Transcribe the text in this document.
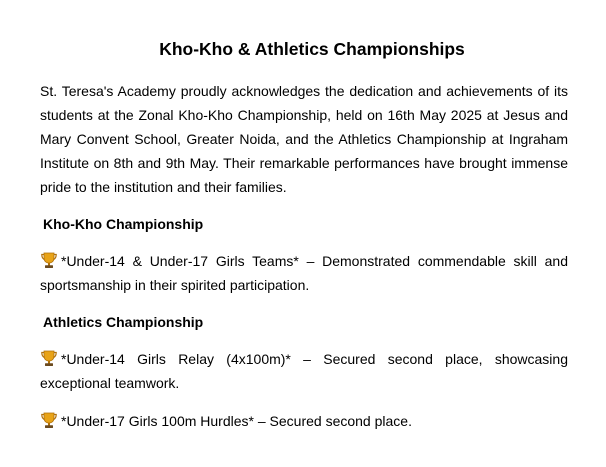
Kho-Kho & Athletics Championships

St. Teresa's Academy proudly acknowledges the dedication and achievements of its students at the Zonal Kho-Kho Championship, held on 16th May 2025 at Jesus and Mary Convent School, Greater Noida, and the Athletics Championship at Ingraham Institute on 8th and 9th May. Their remarkable performances have brought immense pride to the institution and their families.

Kho-Kho Championship

*Under-14 & Under-17 Girls Teams* – Demonstrated commendable skill and sportsmanship in their spirited participation.

Athletics Championship

*Under-14 Girls Relay (4x100m)* – Secured second place, showcasing exceptional teamwork.

*Under-17 Girls 100m Hurdles* – Secured second place.
